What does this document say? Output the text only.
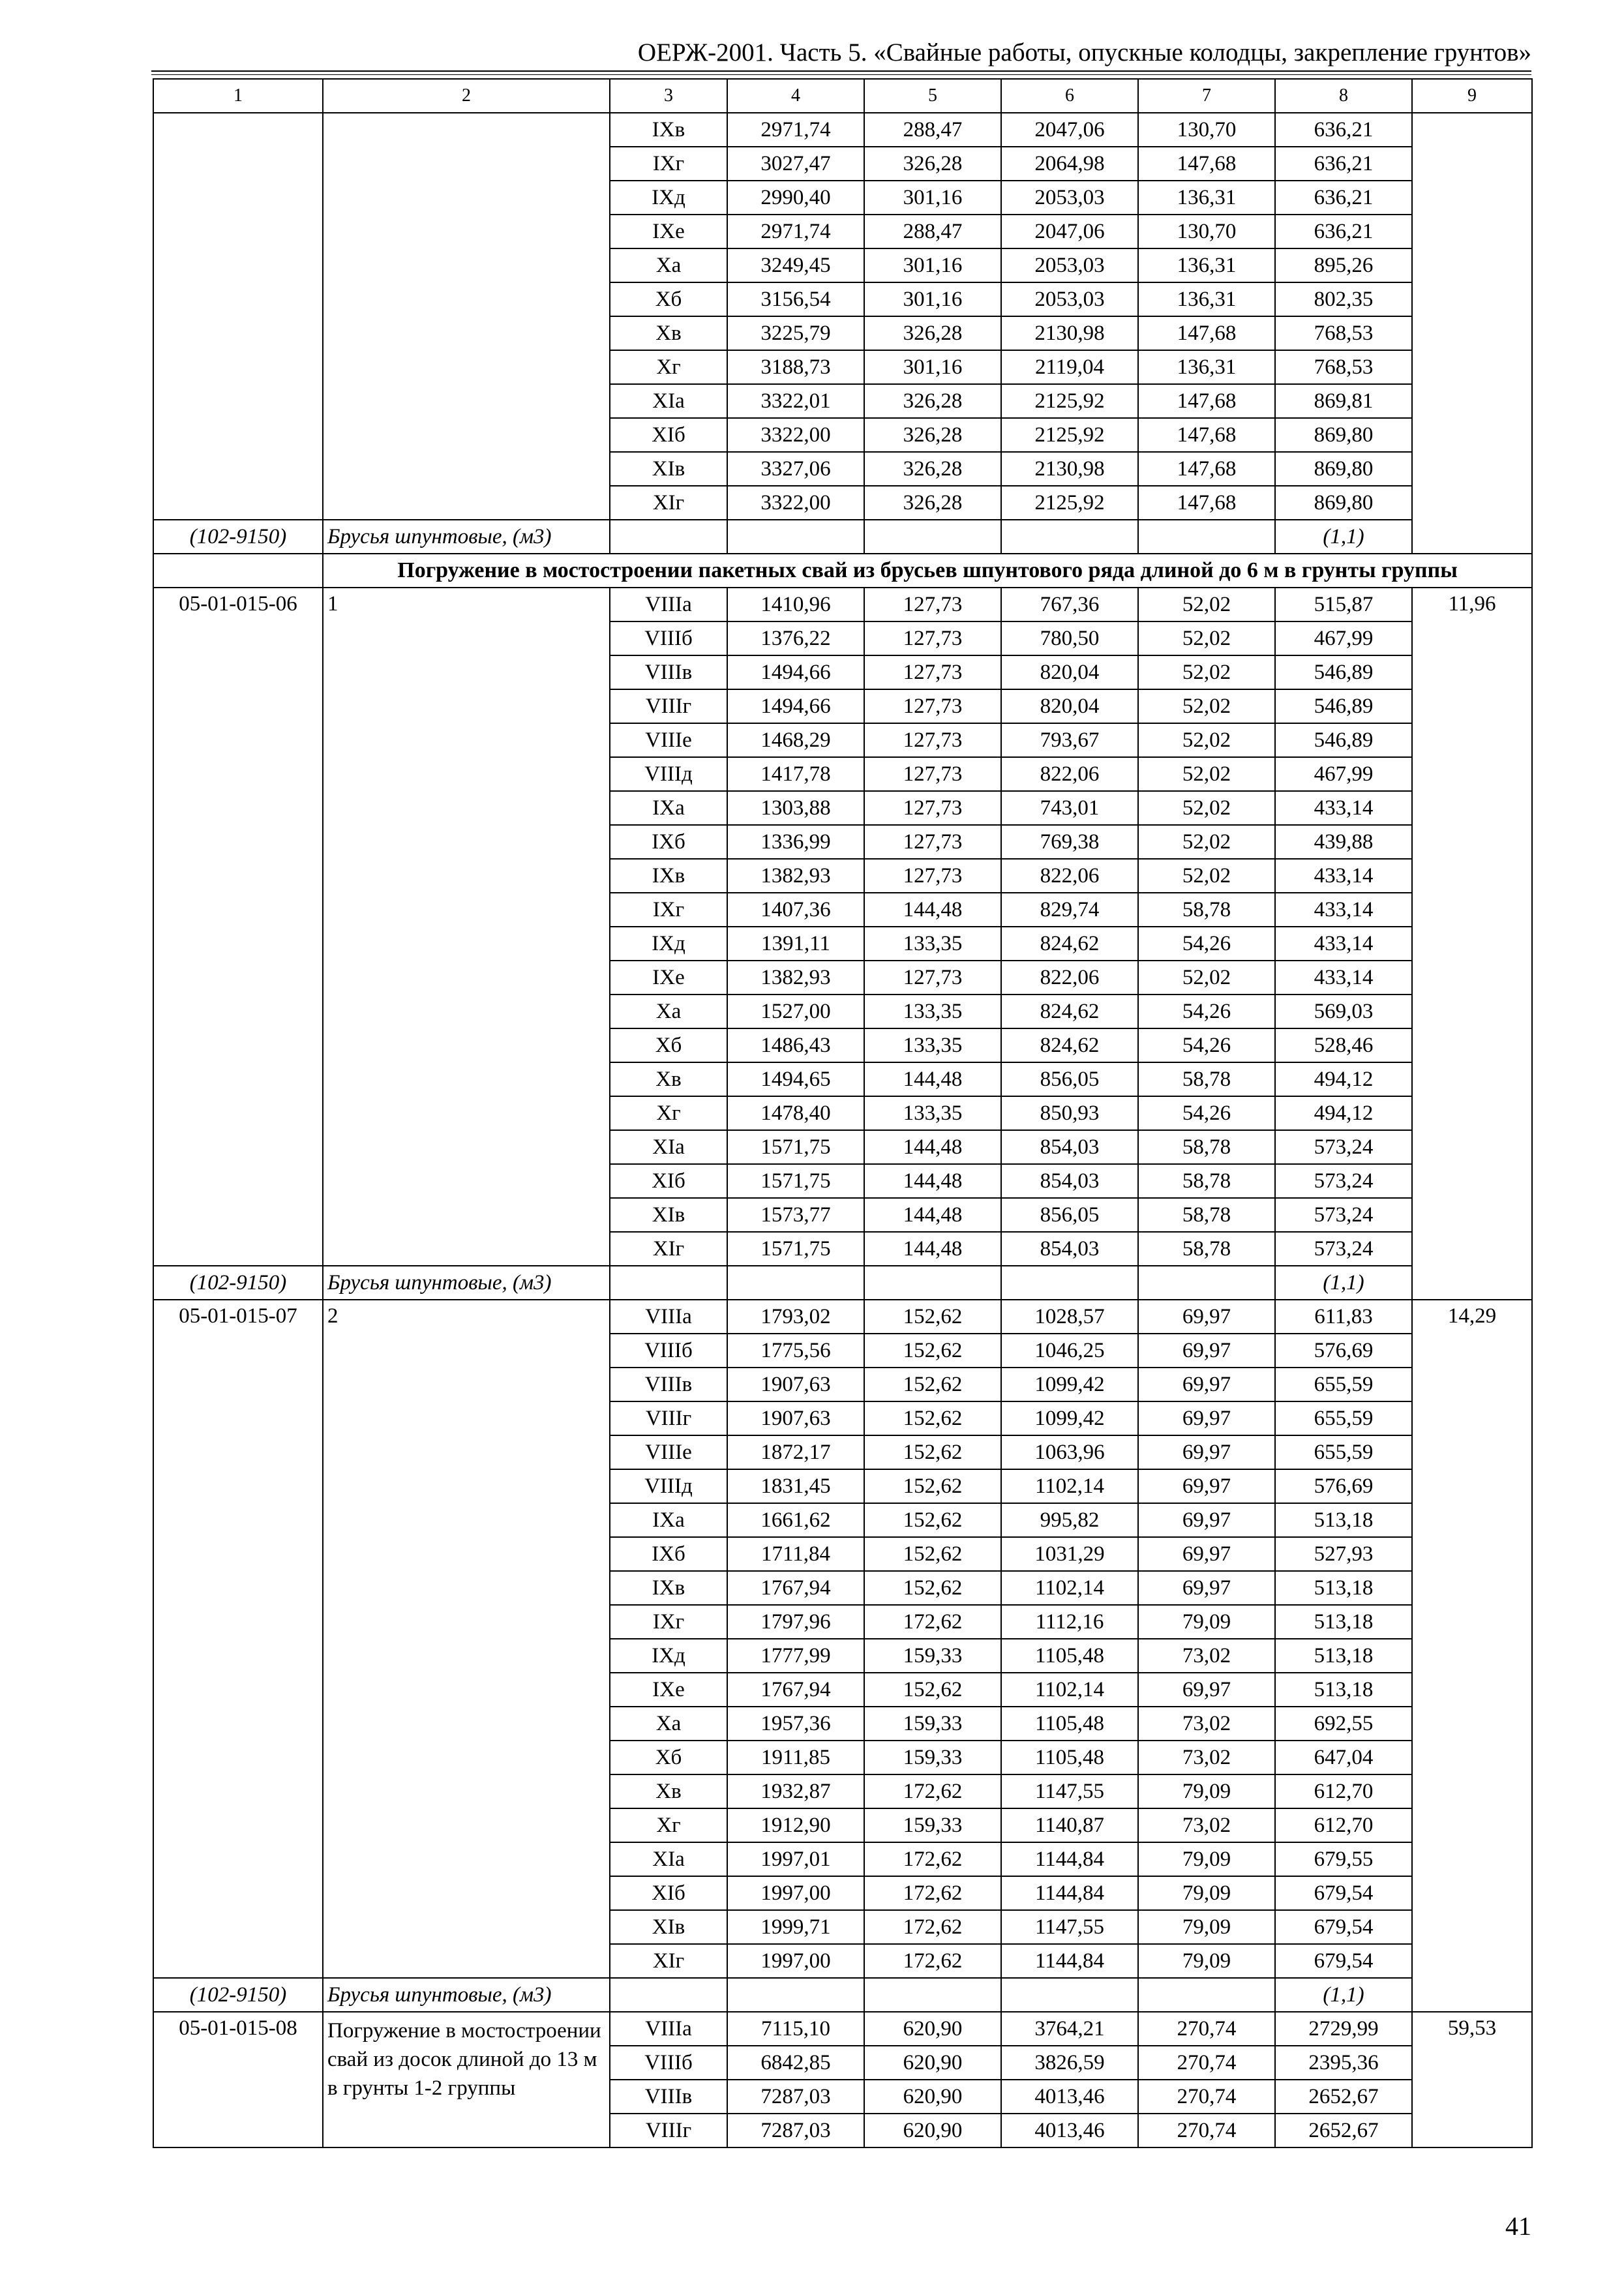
ОЕРЖ-2001. Часть 5. «Свайные работы, опускные колодцы, закрепление грунтов»
1	2	3	4	5	6	7	8	9
		IXв	2971,74	288,47	2047,06	130,70	636,21	
		IXг	3027,47	326,28	2064,98	147,68	636,21	
		IXд	2990,40	301,16	2053,03	136,31	636,21	
		IXе	2971,74	288,47	2047,06	130,70	636,21	
		Xа	3249,45	301,16	2053,03	136,31	895,26	
		Xб	3156,54	301,16	2053,03	136,31	802,35	
		Xв	3225,79	326,28	2130,98	147,68	768,53	
		Xг	3188,73	301,16	2119,04	136,31	768,53	
		XIа	3322,01	326,28	2125,92	147,68	869,81	
		XIб	3322,00	326,28	2125,92	147,68	869,80	
		XIв	3327,06	326,28	2130,98	147,68	869,80	
		XIг	3322,00	326,28	2125,92	147,68	869,80	
(102-9150)	Брусья шпунтовые, (м3)						(1,1)	
	Погружение в мостостроении пакетных свай из брусьев шпунтового ряда длиной до 6 м в грунты группы							
05-01-015-06	1	VIIIа	1410,96	127,73	767,36	52,02	515,87	11,96
		VIIIб	1376,22	127,73	780,50	52,02	467,99	
		VIIIв	1494,66	127,73	820,04	52,02	546,89	
		VIIIг	1494,66	127,73	820,04	52,02	546,89	
		VIIIе	1468,29	127,73	793,67	52,02	546,89	
		VIIIд	1417,78	127,73	822,06	52,02	467,99	
		IXа	1303,88	127,73	743,01	52,02	433,14	
		IXб	1336,99	127,73	769,38	52,02	439,88	
		IXв	1382,93	127,73	822,06	52,02	433,14	
		IXг	1407,36	144,48	829,74	58,78	433,14	
		IXд	1391,11	133,35	824,62	54,26	433,14	
		IXе	1382,93	127,73	822,06	52,02	433,14	
		Xа	1527,00	133,35	824,62	54,26	569,03	
		Xб	1486,43	133,35	824,62	54,26	528,46	
		Xв	1494,65	144,48	856,05	58,78	494,12	
		Xг	1478,40	133,35	850,93	54,26	494,12	
		XIа	1571,75	144,48	854,03	58,78	573,24	
		XIб	1571,75	144,48	854,03	58,78	573,24	
		XIв	1573,77	144,48	856,05	58,78	573,24	
		XIг	1571,75	144,48	854,03	58,78	573,24	
(102-9150)	Брусья шпунтовые, (м3)						(1,1)	
05-01-015-07	2	VIIIа	1793,02	152,62	1028,57	69,97	611,83	14,29
		VIIIб	1775,56	152,62	1046,25	69,97	576,69	
		VIIIв	1907,63	152,62	1099,42	69,97	655,59	
		VIIIг	1907,63	152,62	1099,42	69,97	655,59	
		VIIIе	1872,17	152,62	1063,96	69,97	655,59	
		VIIIд	1831,45	152,62	1102,14	69,97	576,69	
		IXа	1661,62	152,62	995,82	69,97	513,18	
		IXб	1711,84	152,62	1031,29	69,97	527,93	
		IXв	1767,94	152,62	1102,14	69,97	513,18	
		IXг	1797,96	172,62	1112,16	79,09	513,18	
		IXд	1777,99	159,33	1105,48	73,02	513,18	
		IXе	1767,94	152,62	1102,14	69,97	513,18	
		Xа	1957,36	159,33	1105,48	73,02	692,55	
		Xб	1911,85	159,33	1105,48	73,02	647,04	
		Xв	1932,87	172,62	1147,55	79,09	612,70	
		Xг	1912,90	159,33	1140,87	73,02	612,70	
		XIа	1997,01	172,62	1144,84	79,09	679,55	
		XIб	1997,00	172,62	1144,84	79,09	679,54	
		XIв	1999,71	172,62	1147,55	79,09	679,54	
		XIг	1997,00	172,62	1144,84	79,09	679,54	
(102-9150)	Брусья шпунтовые, (м3)						(1,1)	
05-01-015-08	Погружение в мостостроении свай из досок длиной до 13 м в грунты 1-2 группы	VIIIа	7115,10	620,90	3764,21	270,74	2729,99	59,53
		VIIIб	6842,85	620,90	3826,59	270,74	2395,36	
		VIIIв	7287,03	620,90	4013,46	270,74	2652,67	
		VIIIг	7287,03	620,90	4013,46	270,74	2652,67	
41
